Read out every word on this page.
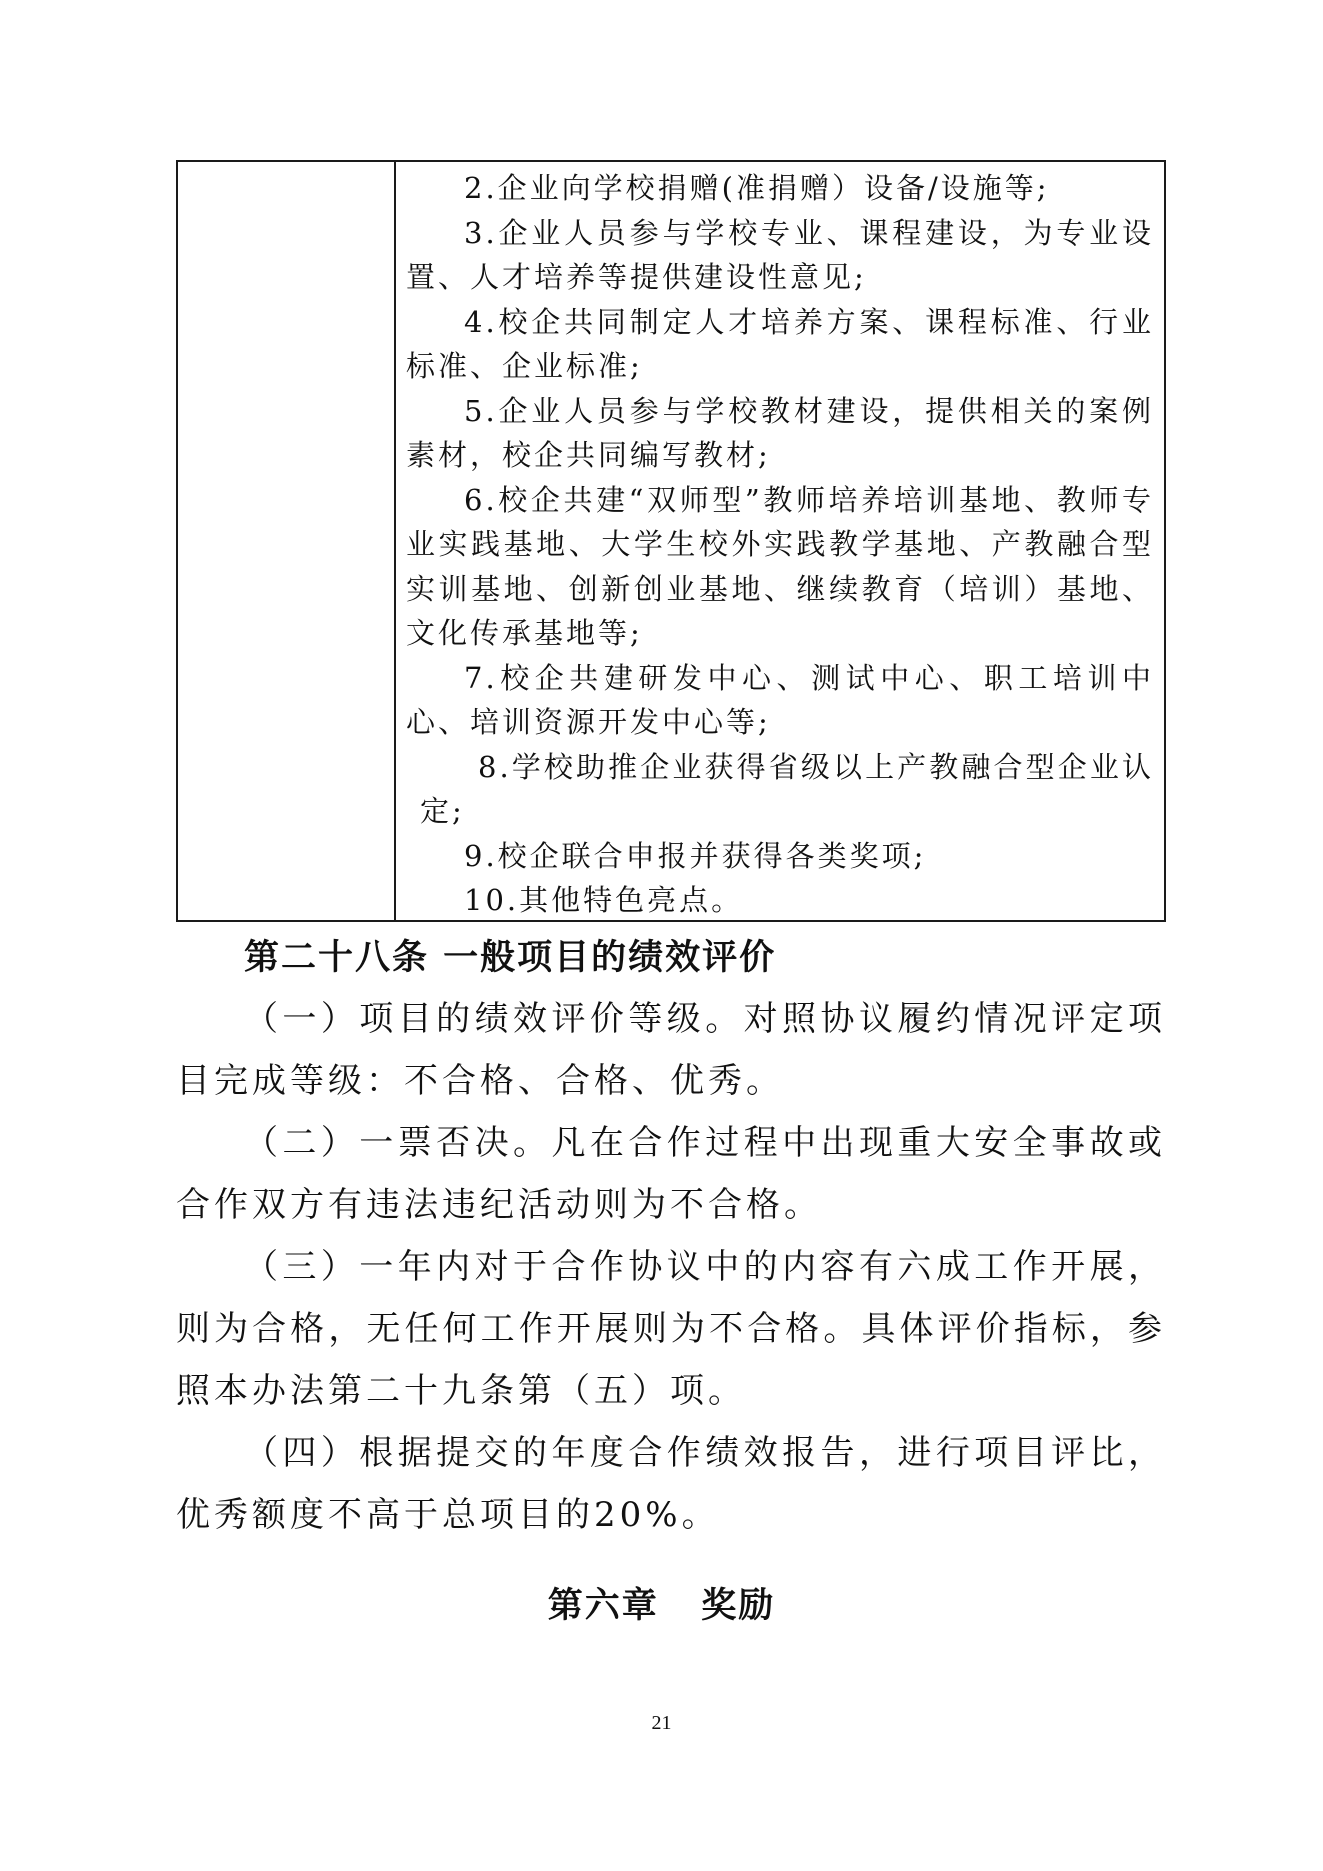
2.企业向学校捐赠(准捐赠）设备/设施等;

3.企业人员参与学校专业、课程建设，为专业设置、人才培养等提供建设性意见;

4.校企共同制定人才培养方案、课程标准、行业标准、企业标准;

5.企业人员参与学校教材建设，提供相关的案例素材，校企共同编写教材;

6.校企共建“双师型”教师培养培训基地、教师专业实践基地、大学生校外实践教学基地、产教融合型实训基地、创新创业基地、继续教育（培训）基地、文化传承基地等;

7.校企共建研发中心、测试中心、职工培训中心、培训资源开发中心等;

8.学校助推企业获得省级以上产教融合型企业认定;

9.校企联合申报并获得各类奖项;

10.其他特色亮点。

第二十八条 一般项目的绩效评价

（一）项目的绩效评价等级。对照协议履约情况评定项目完成等级：不合格、合格、优秀。

（二）一票否决。凡在合作过程中出现重大安全事故或合作双方有违法违纪活动则为不合格。

（三）一年内对于合作协议中的内容有六成工作开展，则为合格，无任何工作开展则为不合格。具体评价指标，参照本办法第二十九条第（五）项。

（四）根据提交的年度合作绩效报告，进行项目评比，优秀额度不高于总项目的20%。

第六章   奖励
21
